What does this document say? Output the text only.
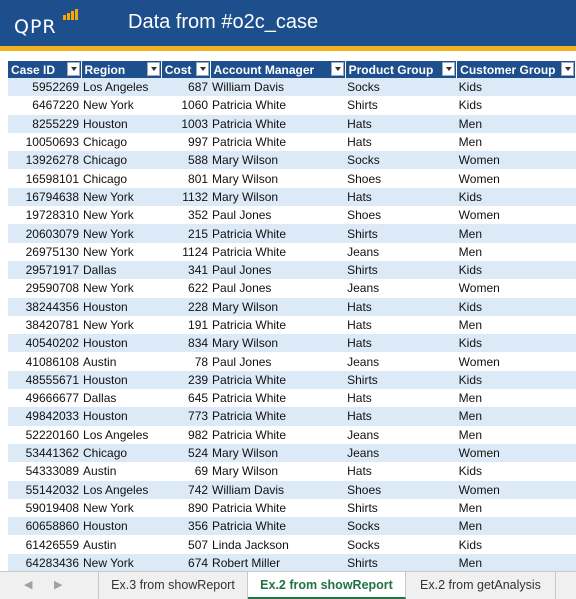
QPR	Data from #o2c_case
Case ID	Region	Cost	Account Manager	Product Group	Customer Group

5952269	Los Angeles	687	William Davis	Socks	Kids
6467220	New York	1060	Patricia White	Shirts	Kids
8255229	Houston	1003	Patricia White	Hats	Men
10050693	Chicago	997	Patricia White	Hats	Men
13926278	Chicago	588	Mary Wilson	Socks	Women
16598101	Chicago	801	Mary Wilson	Shoes	Women
16794638	New York	1132	Mary Wilson	Hats	Kids
19728310	New York	352	Paul Jones	Shoes	Women
20603079	New York	215	Patricia White	Shirts	Men
26975130	New York	1124	Patricia White	Jeans	Men
29571917	Dallas	341	Paul Jones	Shirts	Kids
29590708	New York	622	Paul Jones	Jeans	Women
38244356	Houston	228	Mary Wilson	Hats	Kids
38420781	New York	191	Patricia White	Hats	Men
40540202	Houston	834	Mary Wilson	Hats	Kids
41086108	Austin	78	Paul Jones	Jeans	Women
48555671	Houston	239	Patricia White	Shirts	Kids
49666677	Dallas	645	Patricia White	Hats	Men
49842033	Houston	773	Patricia White	Hats	Men
52220160	Los Angeles	982	Patricia White	Jeans	Men
53441362	Chicago	524	Mary Wilson	Jeans	Women
54333089	Austin	69	Mary Wilson	Hats	Kids
55142032	Los Angeles	742	William Davis	Shoes	Women
59019408	New York	890	Patricia White	Shirts	Men
60658860	Houston	356	Patricia White	Socks	Men
61426559	Austin	507	Linda Jackson	Socks	Kids
64283436	New York	674	Robert Miller	Shirts	Men
◀ ▶	Ex.3 from showReport	Ex.2 from showReport	Ex.2 from getAnalysis
